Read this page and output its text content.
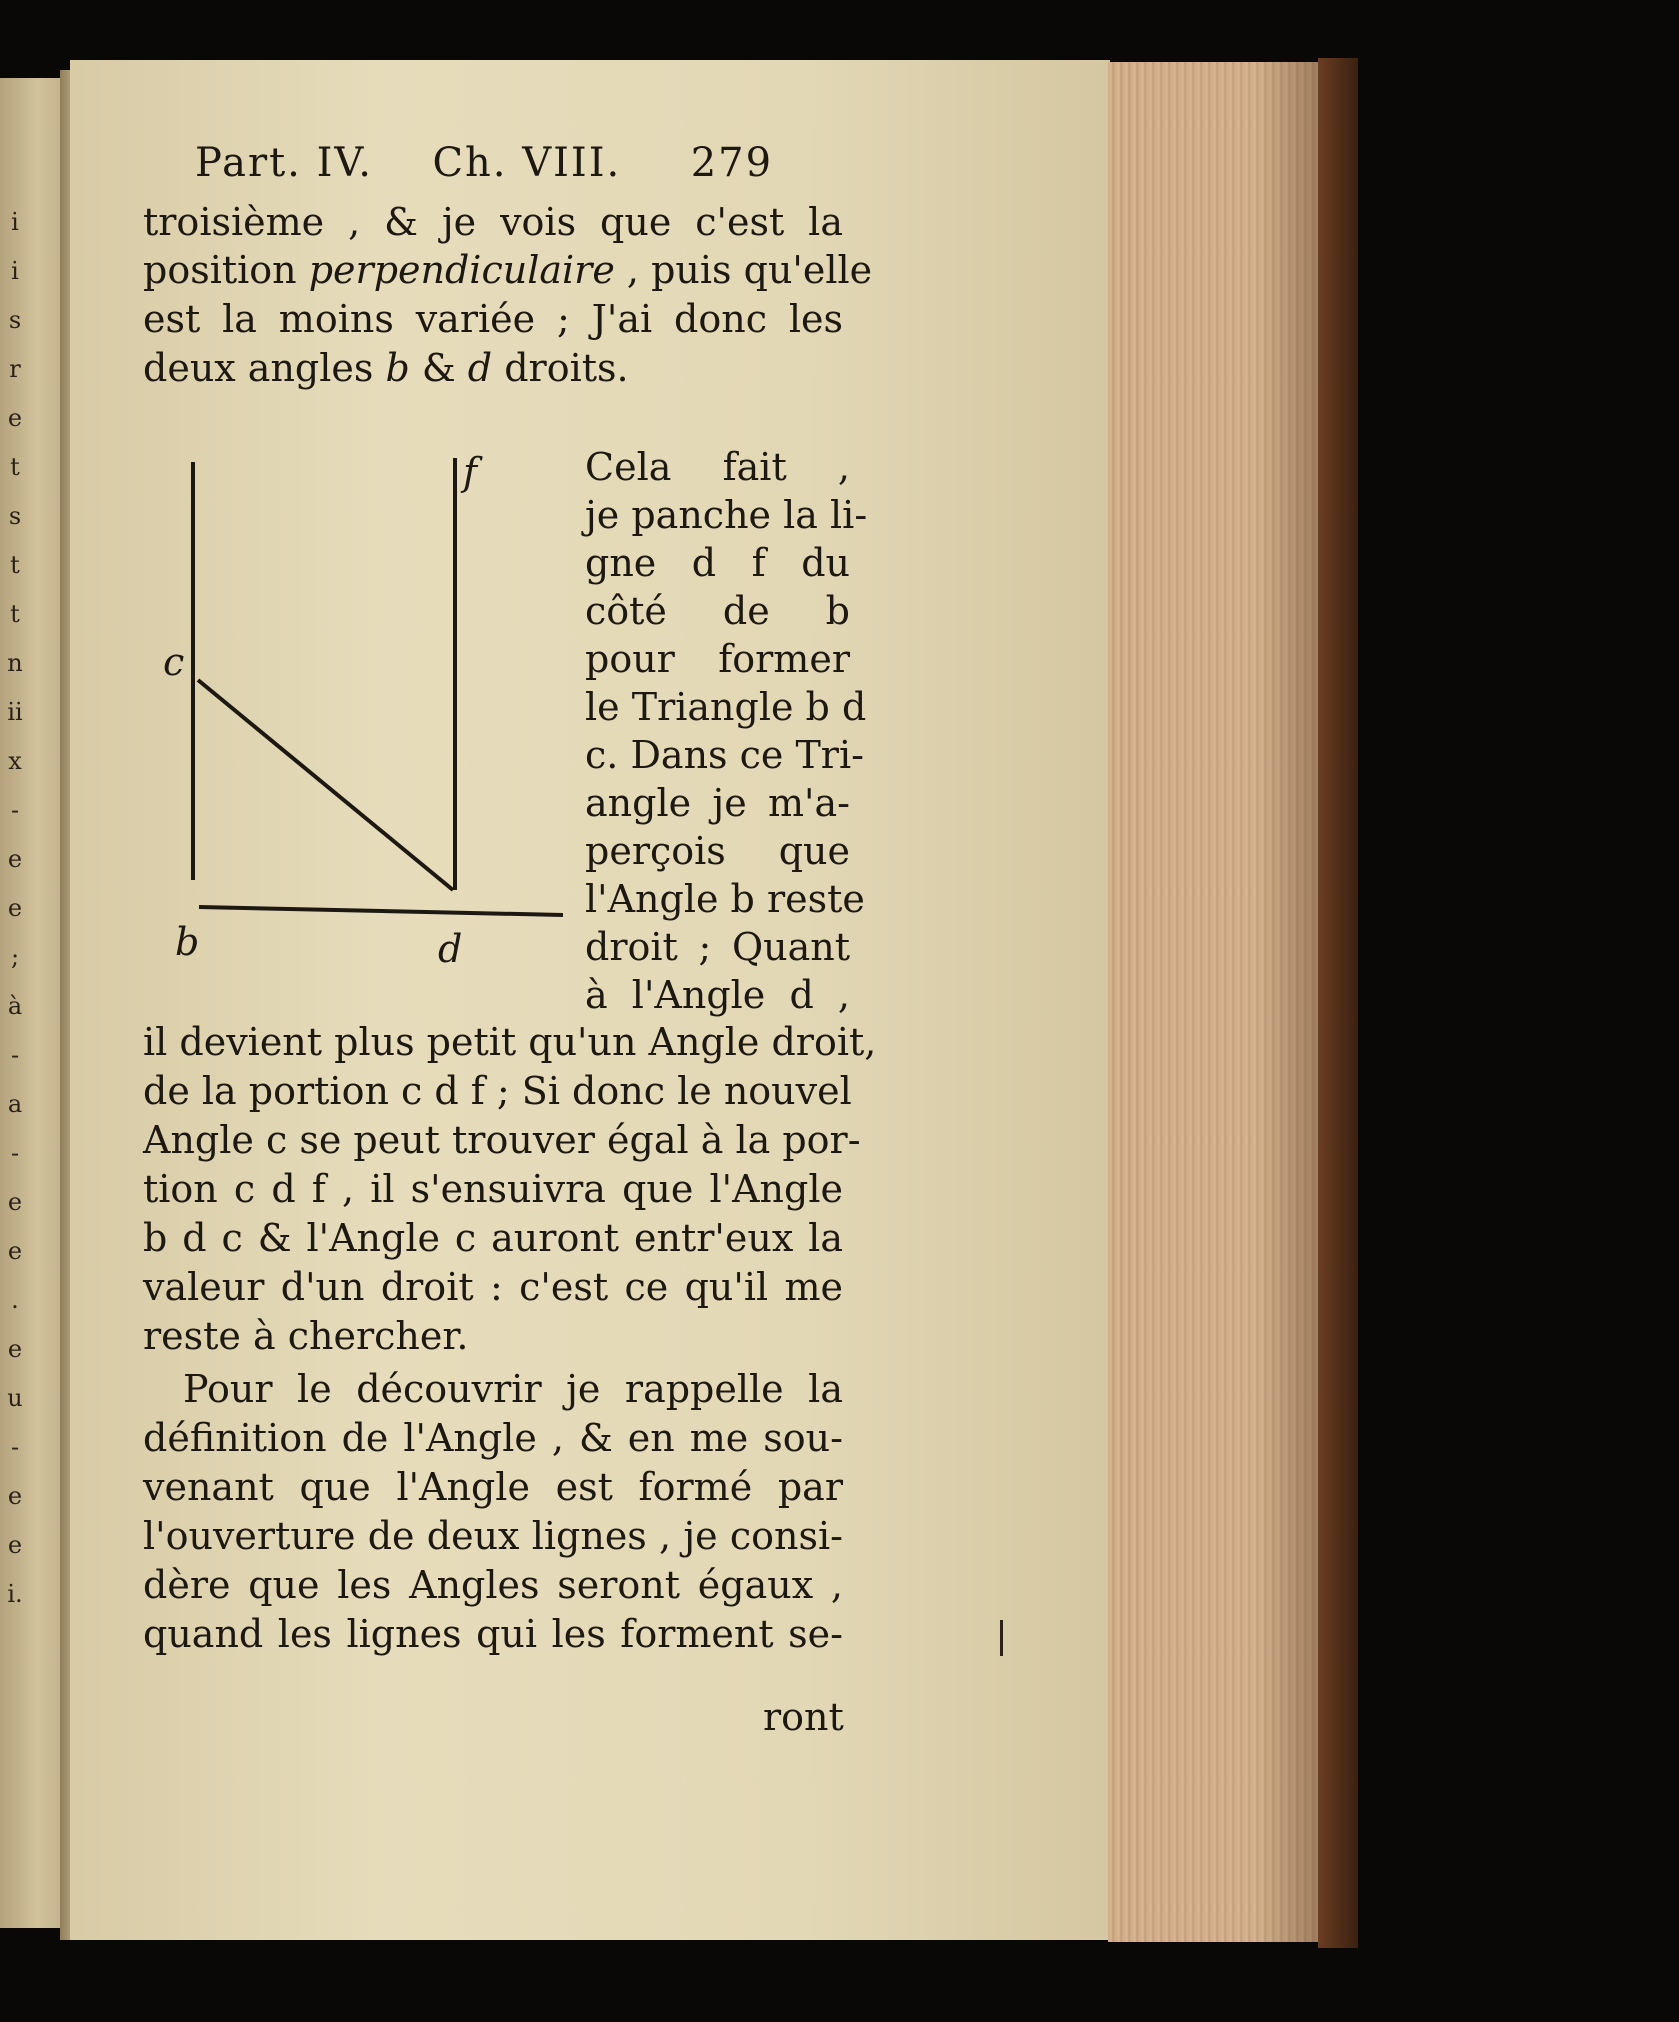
i
i
s
r
e
t
s
t
t
n
ii
x
-
e
e
;
à
-
a
-
e
e
.
e
u
-
e
e
i.
Part. IV. Ch. VIII. 279
troisième , & je vois que c'est la
position perpendiculaire , puis qu'elle
est la moins variée ; J'ai donc les
deux angles b & d droits.
Cela fait ,
je panche la li-
gne d f du
côté de b
pour former
le Triangle b d
c. Dans ce Tri-
angle je m'a-
perçois que
l'Angle b reste
droit ; Quant
à l'Angle d ,
il devient plus petit qu'un Angle droit,
de la portion c d f ; Si donc le nouvel
Angle c se peut trouver égal à la por-
tion c d f , il s'ensuivra que l'Angle
b d c & l'Angle c auront entr'eux la
valeur d'un droit : c'est ce qu'il me
reste à chercher.
Pour le découvrir je rappelle la
définition de l'Angle , & en me sou-
venant que l'Angle est formé par
l'ouverture de deux lignes , je consi-
dère que les Angles seront égaux ,
quand les lignes qui les forment se-
ront
c
f
b	d
